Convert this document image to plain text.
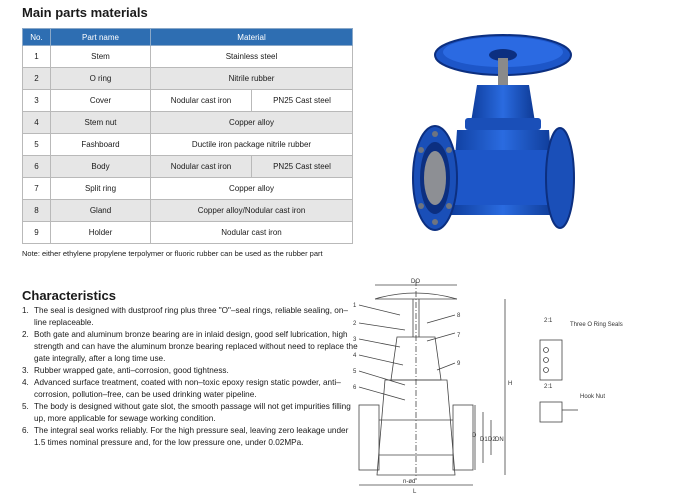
Main parts materials
No.	Part name	Material	
1	Stem	Stainless steel	
2	O ring	Nitrile rubber	
3	Cover	Nodular cast iron	PN25 Cast steel
4	Stem nut	Copper alloy	
5	Fashboard	Ductile iron package nitrile rubber	
6	Body	Nodular cast iron	PN25 Cast steel
7	Split ring	Copper alloy	
8	Gland	Copper alloy/Nodular cast iron	
9	Holder	Nodular cast iron	
Note: either ethylene propylene terpolymer or fluoric rubber can be used as the rubber part
Characteristics
1. The seal is designed with dustproof ring plus three "O"–seal rings, reliable sealing, on–line replaceable.
2. Both gate and aluminum bronze bearing are in inlaid design, good self lubrication, high strength and can have the aluminum bronze bearing replaced without need to replace the gate integrally, after a long time use.
3. Rubber wrapped gate, anti–corrosion, good tightness.
4. Advanced surface treatment, coated with non–toxic epoxy resign static powder, anti–corrosion, pollution–free, can be used drinking water pipeline.
5. The body is designed without gate slot, the smooth passage will not get impurities filling up, more applicable for sewage working condition.
6. The integral seal works reliably. For the high pressure seal, leaving zero leakage under 1.5 times nominal pressure and, for the low pressure one, under 0.02MPa.
DO
H
L
D
D1 D2 DN
n-ød
1
2
3
4
5
6
7
8
9
2:1
Three O Ring Seals
2:1
Hook Nut
